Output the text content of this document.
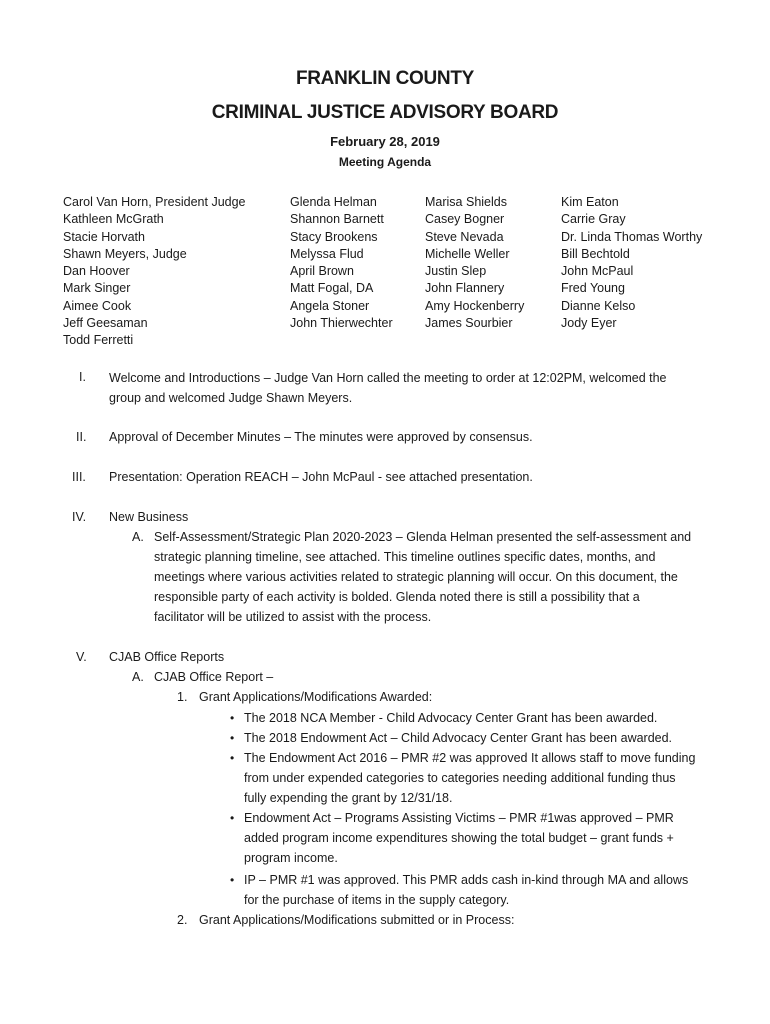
FRANKLIN COUNTY
CRIMINAL JUSTICE ADVISORY BOARD
February 28, 2019
Meeting Agenda
Carol Van Horn, President Judge
Kathleen McGrath
Stacie Horvath
Shawn Meyers, Judge
Dan Hoover
Mark Singer
Aimee Cook
Jeff Geesaman
Todd Ferretti
Glenda Helman
Shannon Barnett
Stacy Brookens
Melyssa Flud
April Brown
Matt Fogal, DA
Angela Stoner
John Thierwechter
Marisa Shields
Casey Bogner
Steve Nevada
Michelle Weller
Justin Slep
John Flannery
Amy Hockenberry
James Sourbier
Kim Eaton
Carrie Gray
Dr. Linda Thomas Worthy
Bill Bechtold
John McPaul
Fred Young
Dianne Kelso
Jody Eyer
I. Welcome and Introductions – Judge Van Horn called the meeting to order at 12:02PM, welcomed the
group and welcomed Judge Shawn Meyers.
II. Approval of December Minutes – The minutes were approved by consensus.
III. Presentation: Operation REACH – John McPaul - see attached presentation.
IV. New Business
A. Self-Assessment/Strategic Plan 2020-2023 – Glenda Helman presented the self-assessment and
strategic planning timeline, see attached. This timeline outlines specific dates, months, and
meetings where various activities related to strategic planning will occur. On this document, the
responsible party of each activity is bolded. Glenda noted there is still a possibility that a
facilitator will be utilized to assist with the process.
V. CJAB Office Reports
A. CJAB Office Report –
1. Grant Applications/Modifications Awarded:
• The 2018 NCA Member - Child Advocacy Center Grant has been awarded.
• The 2018 Endowment Act – Child Advocacy Center Grant has been awarded.
• The Endowment Act 2016 – PMR #2 was approved It allows staff to move funding
from under expended categories to categories needing additional funding thus
fully expending the grant by 12/31/18.
• Endowment Act – Programs Assisting Victims – PMR #1was approved – PMR
added program income expenditures showing the total budget – grant funds +
program income.
• IP – PMR #1 was approved. This PMR adds cash in-kind through MA and allows
for the purchase of items in the supply category.
2. Grant Applications/Modifications submitted or in Process:
